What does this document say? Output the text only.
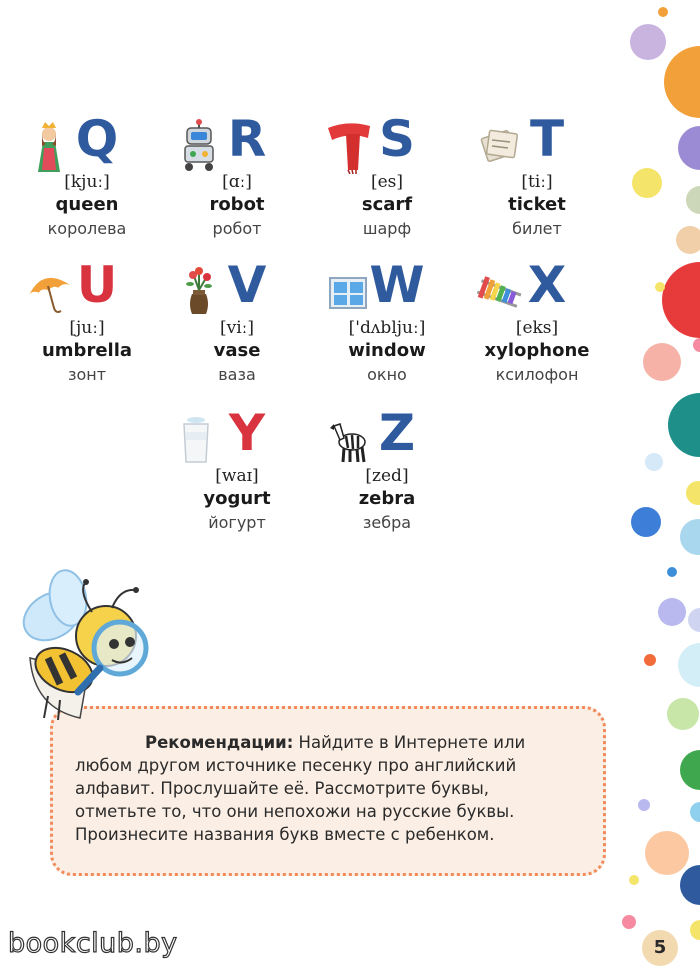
Q
[kjuː]
queen
королева
R
[ɑː]
robot
робот
S
[es]
scarf
шарф
T
[tiː]
ticket
билет
U
[juː]
umbrella
зонт
V
[viː]
vase
ваза
W
['dʌbljuː]
window
окно
X
[eks]
xylophone
ксилофон
Y
[waɪ]
yogurt
йогурт
Z
[zed]
zebra
зебра
Рекомендации: Найдите в Интернете или любом другом источнике песенку про английский алфавит. Прослушайте её. Рассмотрите буквы, отметьте то, что они непохожи на русские буквы. Произнесите названия букв вместе с ребенком.
bookclub.by	5
